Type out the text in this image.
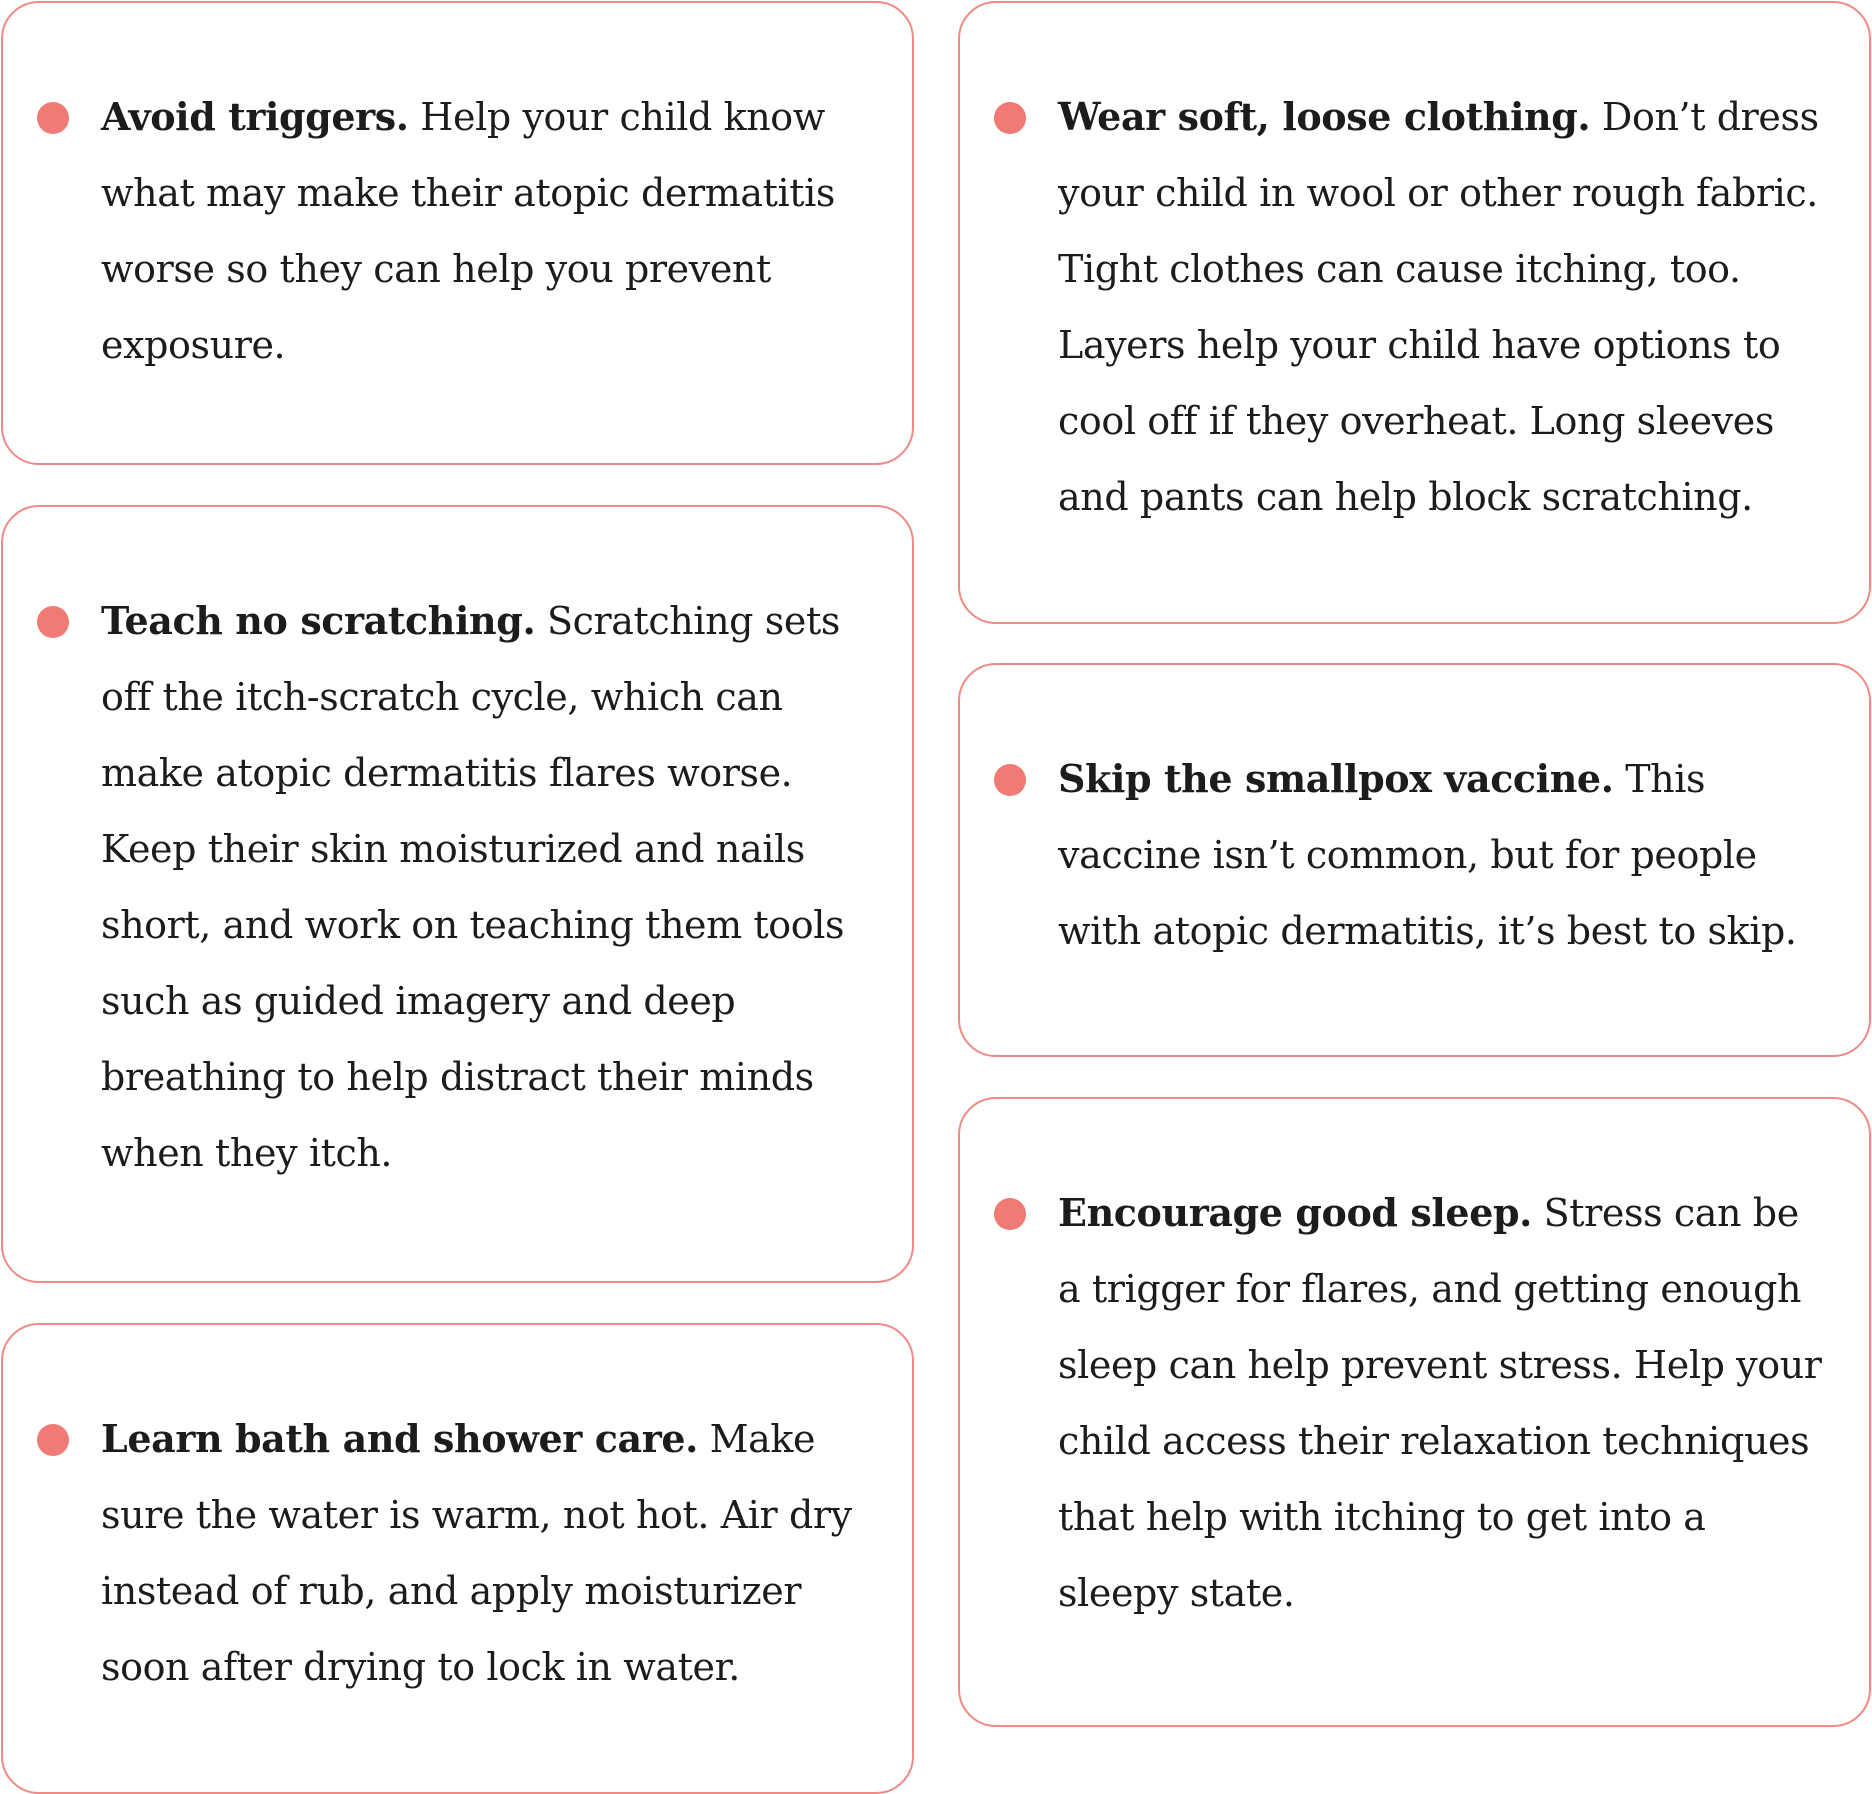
Avoid triggers. Help your child know what may make their atopic dermatitis worse so they can help you prevent exposure.

Teach no scratching. Scratching sets off the itch-scratch cycle, which can make atopic dermatitis flares worse. Keep their skin moisturized and nails short, and work on teaching them tools such as guided imagery and deep breathing to help distract their minds when they itch.

Learn bath and shower care. Make sure the water is warm, not hot. Air dry instead of rub, and apply moisturizer soon after drying to lock in water.

Wear soft, loose clothing. Don’t dress your child in wool or other rough fabric. Tight clothes can cause itching, too. Layers help your child have options to cool off if they overheat. Long sleeves and pants can help block scratching.

Skip the smallpox vaccine. This vaccine isn’t common, but for people with atopic dermatitis, it’s best to skip.

Encourage good sleep. Stress can be a trigger for flares, and getting enough sleep can help prevent stress. Help your child access their relaxation techniques that help with itching to get into a sleepy state.
